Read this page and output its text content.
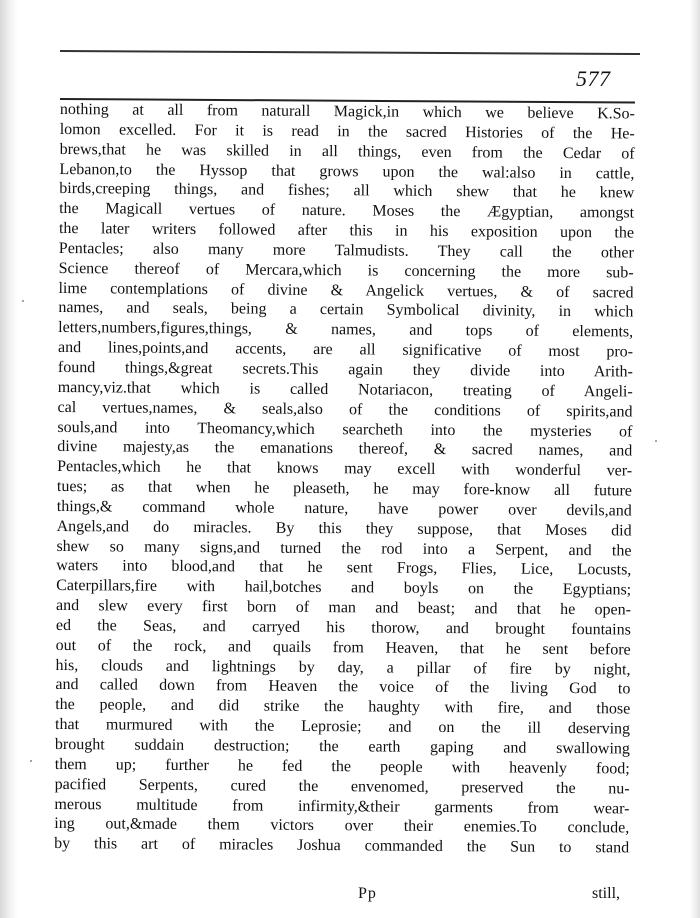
577
nothing at all from naturall Magick,in which we believe K.So-
lomon excelled. For it is read in the sacred Histories of the He-
brews,that he was skilled in all things, even from the Cedar of
Lebanon,to the Hyssop that grows upon the wal:also in cattle,
birds,creeping things, and fishes; all which shew that he knew
the Magicall vertues of nature. Moses the Ægyptian, amongst
the later writers followed after this in his exposition upon the
Pentacles; also many more Talmudists. They call the other
Science thereof of Mercara,which is concerning the more sub-
lime contemplations of divine & Angelick vertues, & of sacred
names, and seals, being a certain Symbolical divinity, in which
letters,numbers,figures,things, & names, and tops of elements,
and lines,points,and accents, are all significative of most pro-
found things,&great secrets.This again they divide into Arith-
mancy,viz.that which is called Notariacon, treating of Angeli-
cal vertues,names, & seals,also of the conditions of spirits,and
souls,and into Theomancy,which searcheth into the mysteries of
divine majesty,as the emanations thereof, & sacred names, and
Pentacles,which he that knows may excell with wonderful ver-
tues; as that when he pleaseth, he may fore-know all future
things,& command whole nature, have power over devils,and
Angels,and do miracles. By this they suppose, that Moses did
shew so many signs,and turned the rod into a Serpent, and the
waters into blood,and that he sent Frogs, Flies, Lice, Locusts,
Caterpillars,fire with hail,botches and boyls on the Egyptians;
and slew every first born of man and beast; and that he open-
ed the Seas, and carryed his thorow, and brought fountains
out of the rock, and quails from Heaven, that he sent before
his, clouds and lightnings by day, a pillar of fire by night,
and called down from Heaven the voice of the living God to
the people, and did strike the haughty with fire, and those
that murmured with the Leprosie; and on the ill deserving
brought suddain destruction; the earth gaping and swallowing
them up; further he fed the people with heavenly food;
pacified Serpents, cured the envenomed, preserved the nu-
merous multitude from infirmity,&their garments from wear-
ing out,&made them victors over their enemies.To conclude,
by this art of miracles Joshua commanded the Sun to stand
Pp	still,
